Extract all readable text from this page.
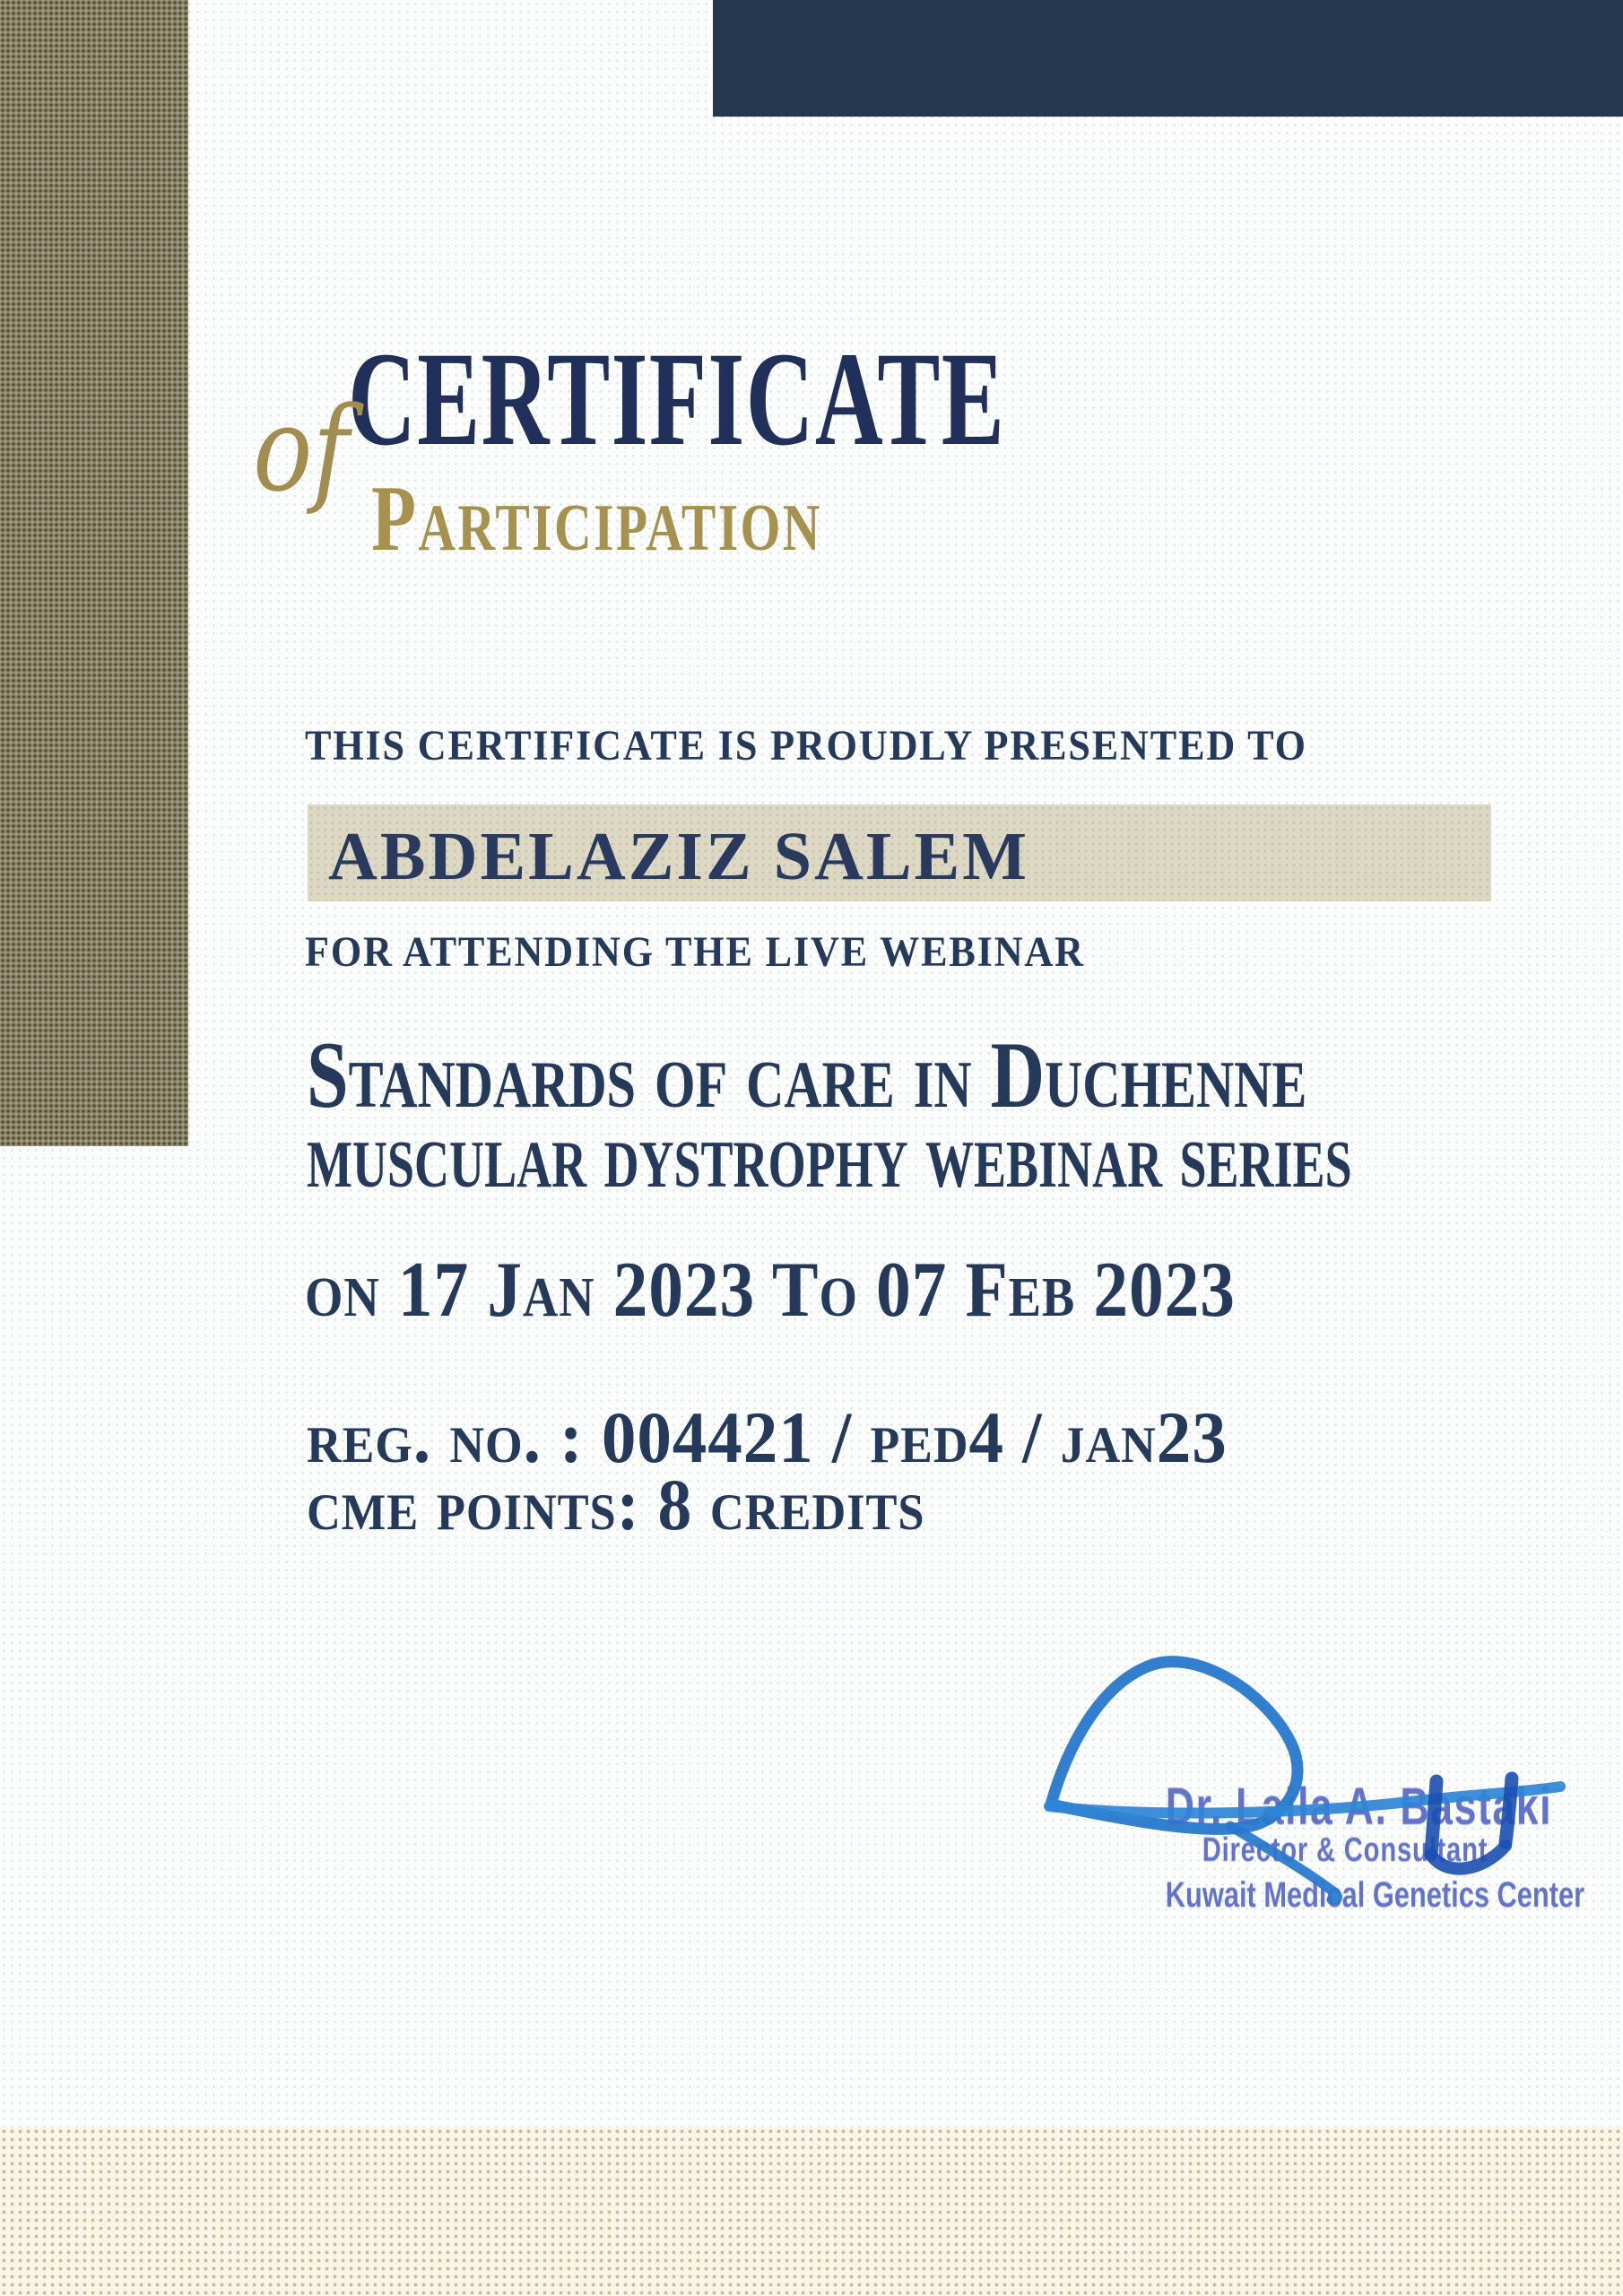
CERTIFICATE
of
Participation
THIS CERTIFICATE IS PROUDLY PRESENTED TO
ABDELAZIZ SALEM
FOR ATTENDING THE LIVE WEBINAR
Standards of care in Duchenne
muscular dystrophy webinar series
on 17 Jan 2023 To 07 Feb 2023
reg. no. : 004421 / ped4 / jan23
cme points: 8 credits
Dr. Laila A. Bastaki
Director & Consultant
Kuwait Medical Genetics Center
